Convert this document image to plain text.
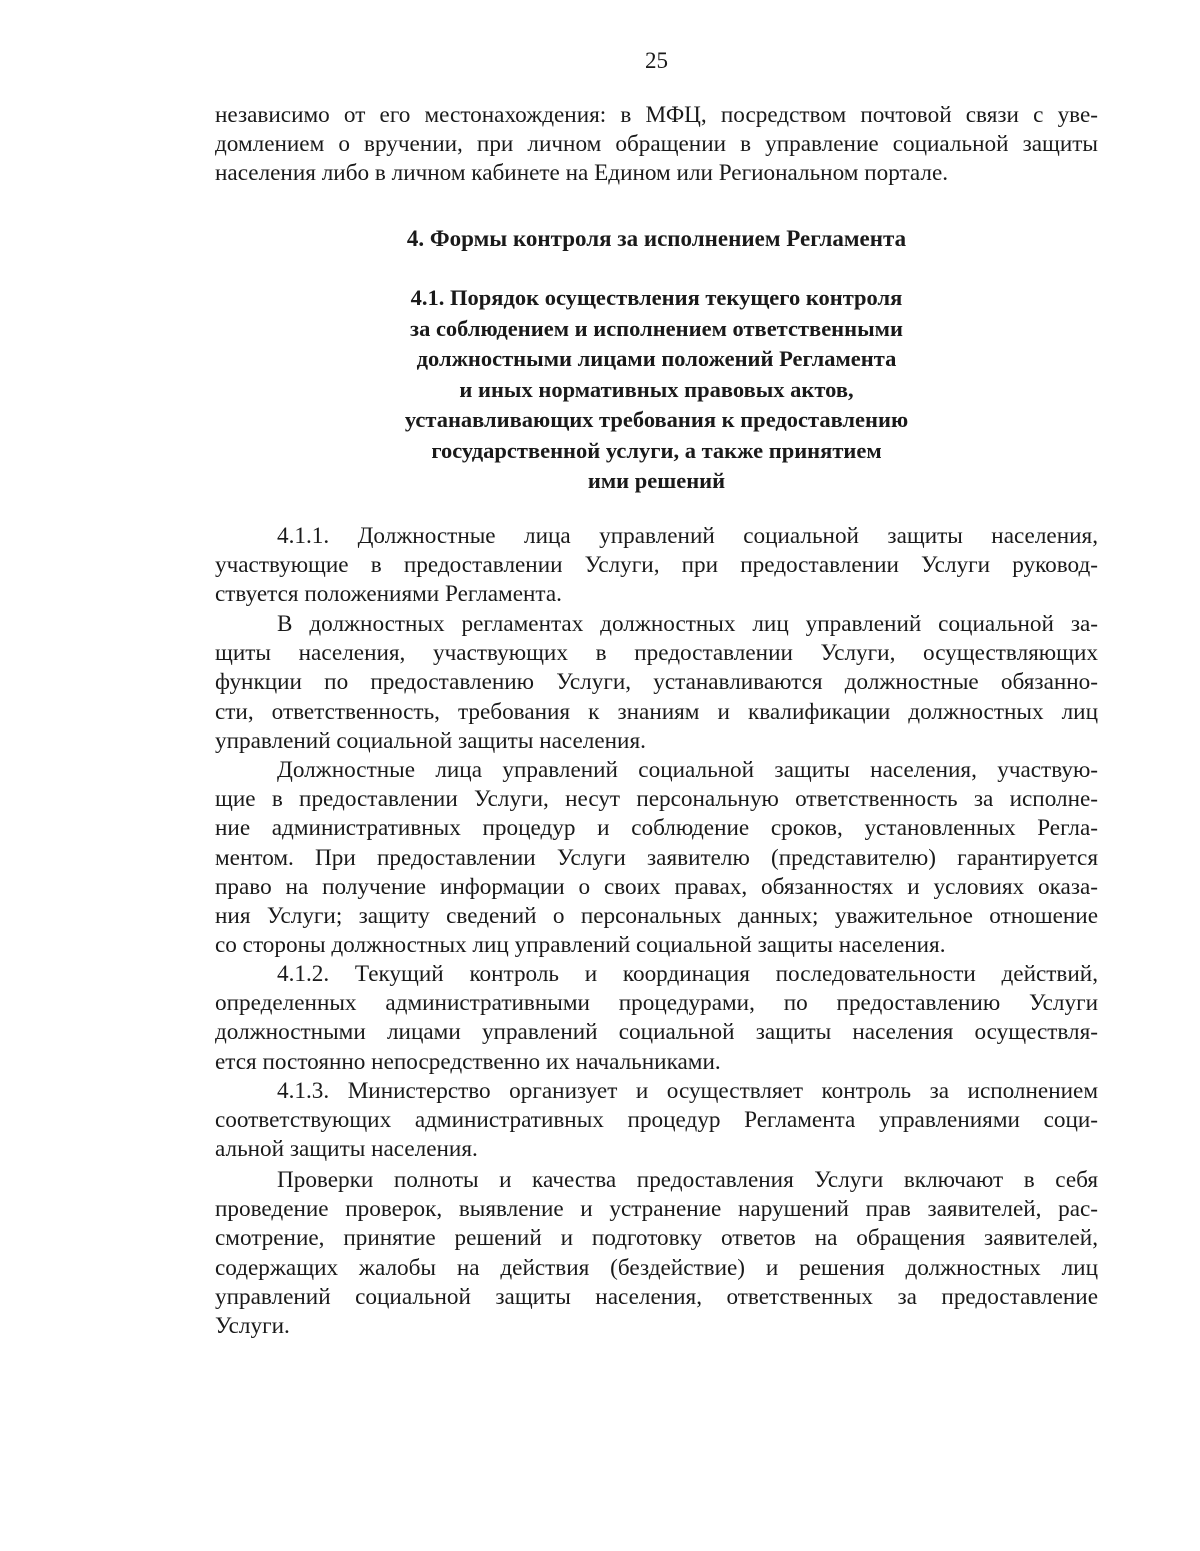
25

независимо от его местонахождения: в МФЦ, посредством почтовой связи с уве-
домлением о вручении, при личном обращении в управление социальной защиты
населения либо в личном кабинете на Едином или Региональном портале.

4. Формы контроля за исполнением Регламента
4.1. Порядок осуществления текущего контроля
за соблюдением и исполнением ответственными
должностными лицами положений Регламента
и иных нормативных правовых актов,
устанавливающих требования к предоставлению
государственной услуги, а также принятием
ими решений

4.1.1. Должностные лица управлений социальной защиты населения,
участвующие в предоставлении Услуги, при предоставлении Услуги руковод-
ствуется положениями Регламента.

В должностных регламентах должностных лиц управлений социальной за-
щиты населения, участвующих в предоставлении Услуги, осуществляющих
функции по предоставлению Услуги, устанавливаются должностные обязанно-
сти, ответственность, требования к знаниям и квалификации должностных лиц
управлений социальной защиты населения.

Должностные лица управлений социальной защиты населения, участвую-
щие в предоставлении Услуги, несут персональную ответственность за исполне-
ние административных процедур и соблюдение сроков, установленных Регла-
ментом. При предоставлении Услуги заявителю (представителю) гарантируется
право на получение информации о своих правах, обязанностях и условиях оказа-
ния Услуги; защиту сведений о персональных данных; уважительное отношение
со стороны должностных лиц управлений социальной защиты населения.

4.1.2. Текущий контроль и координация последовательности действий,
определенных административными процедурами, по предоставлению Услуги
должностными лицами управлений социальной защиты населения осуществля-
ется постоянно непосредственно их начальниками.

4.1.3. Министерство организует и осуществляет контроль за исполнением
соответствующих административных процедур Регламента управлениями соци-
альной защиты населения.

Проверки полноты и качества предоставления Услуги включают в себя
проведение проверок, выявление и устранение нарушений прав заявителей, рас-
смотрение, принятие решений и подготовку ответов на обращения заявителей,
содержащих жалобы на действия (бездействие) и решения должностных лиц
управлений социальной защиты населения, ответственных за предоставление
Услуги.
